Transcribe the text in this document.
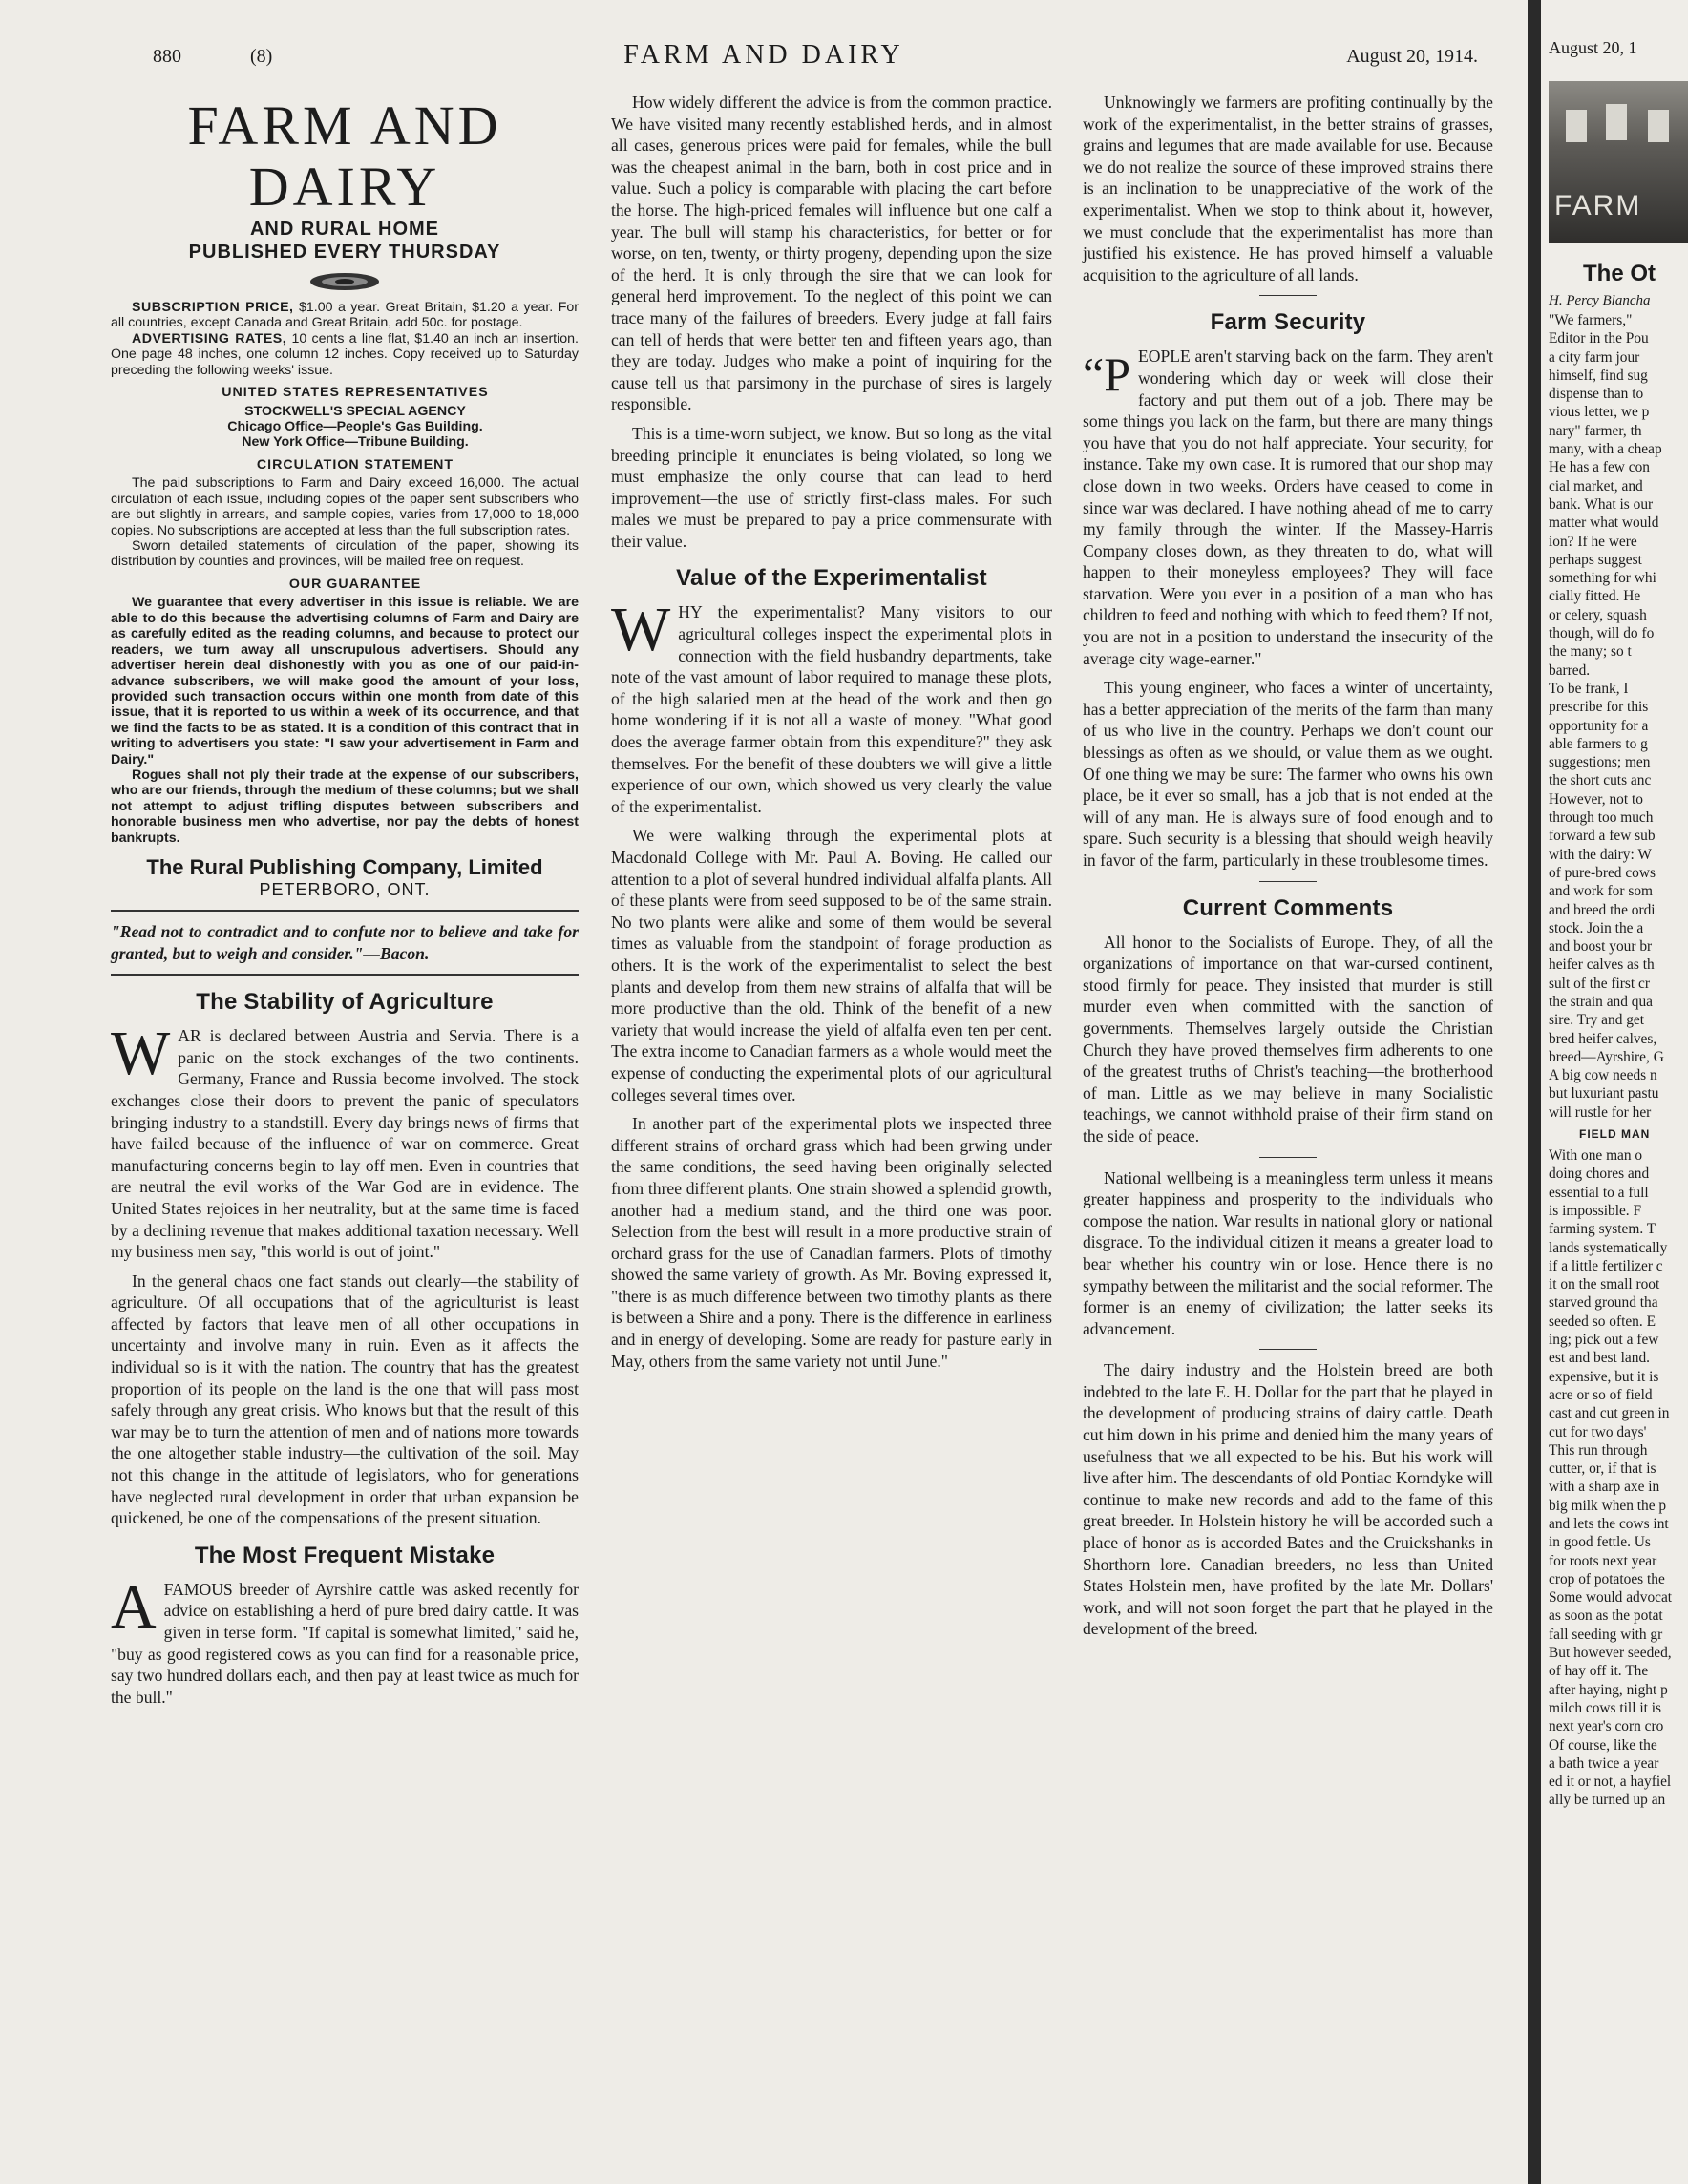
880	(8)	FARM AND DAIRY	August 20, 1914.
FARM AND DAIRY
AND RURAL HOME
PUBLISHED EVERY THURSDAY

SUBSCRIPTION PRICE, $1.00 a year. Great Britain, $1.20 a year. For all countries, except Canada and Great Britain, add 50c. for postage.

ADVERTISING RATES, 10 cents a line flat, $1.40 an inch an insertion. One page 48 inches, one column 12 inches. Copy received up to Saturday preceding the following weeks' issue.

UNITED STATES REPRESENTATIVES

STOCKWELL'S SPECIAL AGENCY

Chicago Office—People's Gas Building.

New York Office—Tribune Building.

CIRCULATION STATEMENT

The paid subscriptions to Farm and Dairy exceed 16,000. The actual circulation of each issue, including copies of the paper sent subscribers who are but slightly in arrears, and sample copies, varies from 17,000 to 18,000 copies. No subscriptions are accepted at less than the full subscription rates.

Sworn detailed statements of circulation of the paper, showing its distribution by counties and provinces, will be mailed free on request.

OUR GUARANTEE

We guarantee that every advertiser in this issue is reliable. We are able to do this because the advertising columns of Farm and Dairy are as carefully edited as the reading columns, and because to protect our readers, we turn away all unscrupulous advertisers. Should any advertiser herein deal dishonestly with you as one of our paid-in-advance subscribers, we will make good the amount of your loss, provided such transaction occurs within one month from date of this issue, that it is reported to us within a week of its occurrence, and that we find the facts to be as stated. It is a condition of this contract that in writing to advertisers you state: "I saw your advertisement in Farm and Dairy."

Rogues shall not ply their trade at the expense of our subscribers, who are our friends, through the medium of these columns; but we shall not attempt to adjust trifling disputes between subscribers and honorable business men who advertise, nor pay the debts of honest bankrupts.

The Rural Publishing Company, Limited
PETERBORO, ONT.
"Read not to contradict and to confute nor to believe and take for granted, but to weigh and consider."—Bacon.
The Stability of Agriculture

WAR is declared between Austria and Servia. There is a panic on the stock exchanges of the two continents. Germany, France and Russia become involved. The stock exchanges close their doors to prevent the panic of speculators bringing industry to a standstill. Every day brings news of firms that have failed because of the influence of war on commerce. Great manufacturing concerns begin to lay off men. Even in countries that are neutral the evil works of the War God are in evidence. The United States rejoices in her neutrality, but at the same time is faced by a declining revenue that makes additional taxation necessary. Well my business men say, "this world is out of joint."

In the general chaos one fact stands out clearly—the stability of agriculture. Of all occupations that of the agriculturist is least affected by factors that leave men of all other occupations in uncertainty and involve many in ruin. Even as it affects the individual so is it with the nation. The country that has the greatest proportion of its people on the land is the one that will pass most safely through any great crisis. Who knows but that the result of this war may be to turn the attention of men and of nations more towards the one altogether stable industry—the cultivation of the soil. May not this change in the attitude of legislators, who for generations have neglected rural development in order that urban expansion be quickened, be one of the compensations of the present situation.

The Most Frequent Mistake

AFAMOUS breeder of Ayrshire cattle was asked recently for advice on establishing a herd of pure bred dairy cattle. It was given in terse form. "If capital is somewhat limited," said he, "buy as good registered cows as you can find for a reasonable price, say two hundred dollars each, and then pay at least twice as much for the bull."

How widely different the advice is from the common practice. We have visited many recently established herds, and in almost all cases, generous prices were paid for females, while the bull was the cheapest animal in the barn, both in cost price and in value. Such a policy is comparable with placing the cart before the horse. The high-priced females will influence but one calf a year. The bull will stamp his characteristics, for better or for worse, on ten, twenty, or thirty progeny, depending upon the size of the herd. It is only through the sire that we can look for general herd improvement. To the neglect of this point we can trace many of the failures of breeders. Every judge at fall fairs can tell of herds that were better ten and fifteen years ago, than they are today. Judges who make a point of inquiring for the cause tell us that parsimony in the purchase of sires is largely responsible.

This is a time-worn subject, we know. But so long as the vital breeding principle it enunciates is being violated, so long we must emphasize the only course that can lead to herd improvement—the use of strictly first-class males. For such males we must be prepared to pay a price commensurate with their value.

Value of the Experimentalist

WHY the experimentalist? Many visitors to our agricultural colleges inspect the experimental plots in connection with the field husbandry departments, take note of the vast amount of labor required to manage these plots, of the high salaried men at the head of the work and then go home wondering if it is not all a waste of money. "What good does the average farmer obtain from this expenditure?" they ask themselves. For the benefit of these doubters we will give a little experience of our own, which showed us very clearly the value of the experimentalist.

We were walking through the experimental plots at Macdonald College with Mr. Paul A. Boving. He called our attention to a plot of several hundred individual alfalfa plants. All of these plants were from seed supposed to be of the same strain. No two plants were alike and some of them would be several times as valuable from the standpoint of forage production as others. It is the work of the experimentalist to select the best plants and develop from them new strains of alfalfa that will be more productive than the old. Think of the benefit of a new variety that would increase the yield of alfalfa even ten per cent. The extra income to Canadian farmers as a whole would meet the expense of conducting the experimental plots of our agricultural colleges several times over.

In another part of the experimental plots we inspected three different strains of orchard grass which had been grwing under the same conditions, the seed having been originally selected from three different plants. One strain showed a splendid growth, another had a medium stand, and the third one was poor. Selection from the best will result in a more productive strain of orchard grass for the use of Canadian farmers. Plots of timothy showed the same variety of growth. As Mr. Boving expressed it, "there is as much difference between two timothy plants as there is between a Shire and a pony. There is the difference in earliness and in energy of developing. Some are ready for pasture early in May, others from the same variety not until June."

Unknowingly we farmers are profiting continually by the work of the experimentalist, in the better strains of grasses, grains and legumes that are made available for use. Because we do not realize the source of these improved strains there is an inclination to be unappreciative of the work of the experimentalist. When we stop to think about it, however, we must conclude that the experimentalist has more than justified his existence. He has proved himself a valuable acquisition to the agriculture of all lands.

Farm Security

“PEOPLE aren't starving back on the farm. They aren't wondering which day or week will close their factory and put them out of a job. There may be some things you lack on the farm, but there are many things you have that you do not half appreciate. Your security, for instance. Take my own case. It is rumored that our shop may close down in two weeks. Orders have ceased to come in since war was declared. I have nothing ahead of me to carry my family through the winter. If the Massey-Harris Company closes down, as they threaten to do, what will happen to their moneyless employees? They will face starvation. Were you ever in a position of a man who has children to feed and nothing with which to feed them? If not, you are not in a position to understand the insecurity of the average city wage-earner."

This young engineer, who faces a winter of uncertainty, has a better appreciation of the merits of the farm than many of us who live in the country. Perhaps we don't count our blessings as often as we should, or value them as we ought. Of one thing we may be sure: The farmer who owns his own place, be it ever so small, has a job that is not ended at the will of any man. He is always sure of food enough and to spare. Such security is a blessing that should weigh heavily in favor of the farm, particularly in these troublesome times.

Current Comments

All honor to the Socialists of Europe. They, of all the organizations of importance on that war-cursed continent, stood firmly for peace. They insisted that murder is still murder even when committed with the sanction of governments. Themselves largely outside the Christian Church they have proved themselves firm adherents to one of the greatest truths of Christ's teaching—the brotherhood of man. Little as we may believe in many Socialistic teachings, we cannot withhold praise of their firm stand on the side of peace.

National wellbeing is a meaningless term unless it means greater happiness and prosperity to the individuals who compose the nation. War results in national glory or national disgrace. To the individual citizen it means a greater load to bear whether his country win or lose. Hence there is no sympathy between the militarist and the social reformer. The former is an enemy of civilization; the latter seeks its advancement.

The dairy industry and the Holstein breed are both indebted to the late E. H. Dollar for the part that he played in the development of producing strains of dairy cattle. Death cut him down in his prime and denied him the many years of usefulness that we all expected to be his. But his work will live after him. The descendants of old Pontiac Korndyke will continue to make new records and add to the fame of this great breeder. In Holstein history he will be accorded such a place of honor as is accorded Bates and the Cruickshanks in Shorthorn lore. Canadian breeders, no less than United States Holstein men, have profited by the late Mr. Dollars' work, and will not soon forget the part that he played in the development of the breed.

August 20, 1
FARM
The Ot
H. Percy Blancha
"We farmers,"
Editor in the Pou
a city farm jour
himself, find sug
dispense than to
vious letter, we p
nary" farmer, th
many, with a cheap
He has a few con
cial market, and
bank. What is our
matter what would
ion? If he were
perhaps suggest
something for whi
cially fitted. He
or celery, squash
though, will do fo
the many; so t
barred.
To be frank, I
prescribe for this
opportunity for a
able farmers to g
suggestions; men
the short cuts anc
However, not to
through too much
forward a few sub
with the dairy: W
of pure-bred cows
and work for som
and breed the ordi
stock. Join the a
and boost your br
heifer calves as th
sult of the first cr
the strain and qua
sire. Try and get
bred heifer calves,
breed—Ayrshire, G
A big cow needs n
but luxuriant pastu
will rustle for her
FIELD MAN
With one man o
doing chores and
essential to a full
is impossible. F
farming system. T
lands systematically
if a little fertilizer c
it on the small root
starved ground tha
seeded so often. E
ing; pick out a few
est and best land.
expensive, but it is
acre or so of field
cast and cut green in
cut for two days'
This run through
cutter, or, if that is
with a sharp axe in
big milk when the p
and lets the cows int
in good fettle. Us
for roots next year
crop of potatoes the
Some would advocat
as soon as the potat
fall seeding with gr
But however seeded,
of hay off it. The
after haying, night p
milch cows till it is
next year's corn cro
Of course, like the
a bath twice a year
ed it or not, a hayfiel
ally be turned up an
